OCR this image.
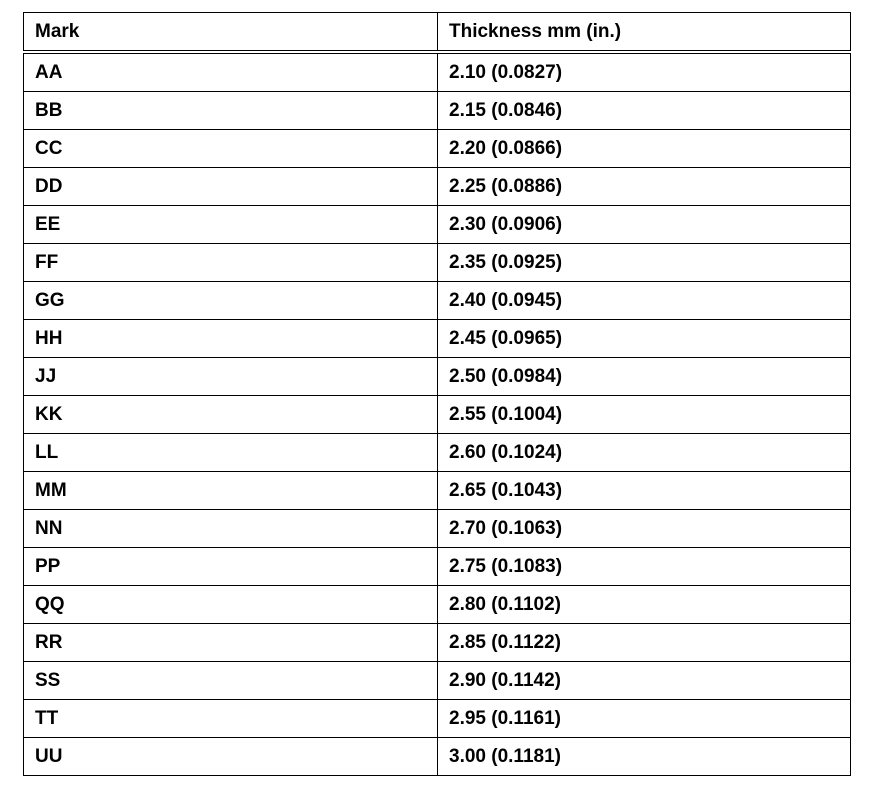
Mark	Thickness mm (in.)
AA	2.10 (0.0827)
BB	2.15 (0.0846)
CC	2.20 (0.0866)
DD	2.25 (0.0886)
EE	2.30 (0.0906)
FF	2.35 (0.0925)
GG	2.40 (0.0945)
HH	2.45 (0.0965)
JJ	2.50 (0.0984)
KK	2.55 (0.1004)
LL	2.60 (0.1024)
MM	2.65 (0.1043)
NN	2.70 (0.1063)
PP	2.75 (0.1083)
QQ	2.80 (0.1102)
RR	2.85 (0.1122)
SS	2.90 (0.1142)
TT	2.95 (0.1161)
UU	3.00 (0.1181)
